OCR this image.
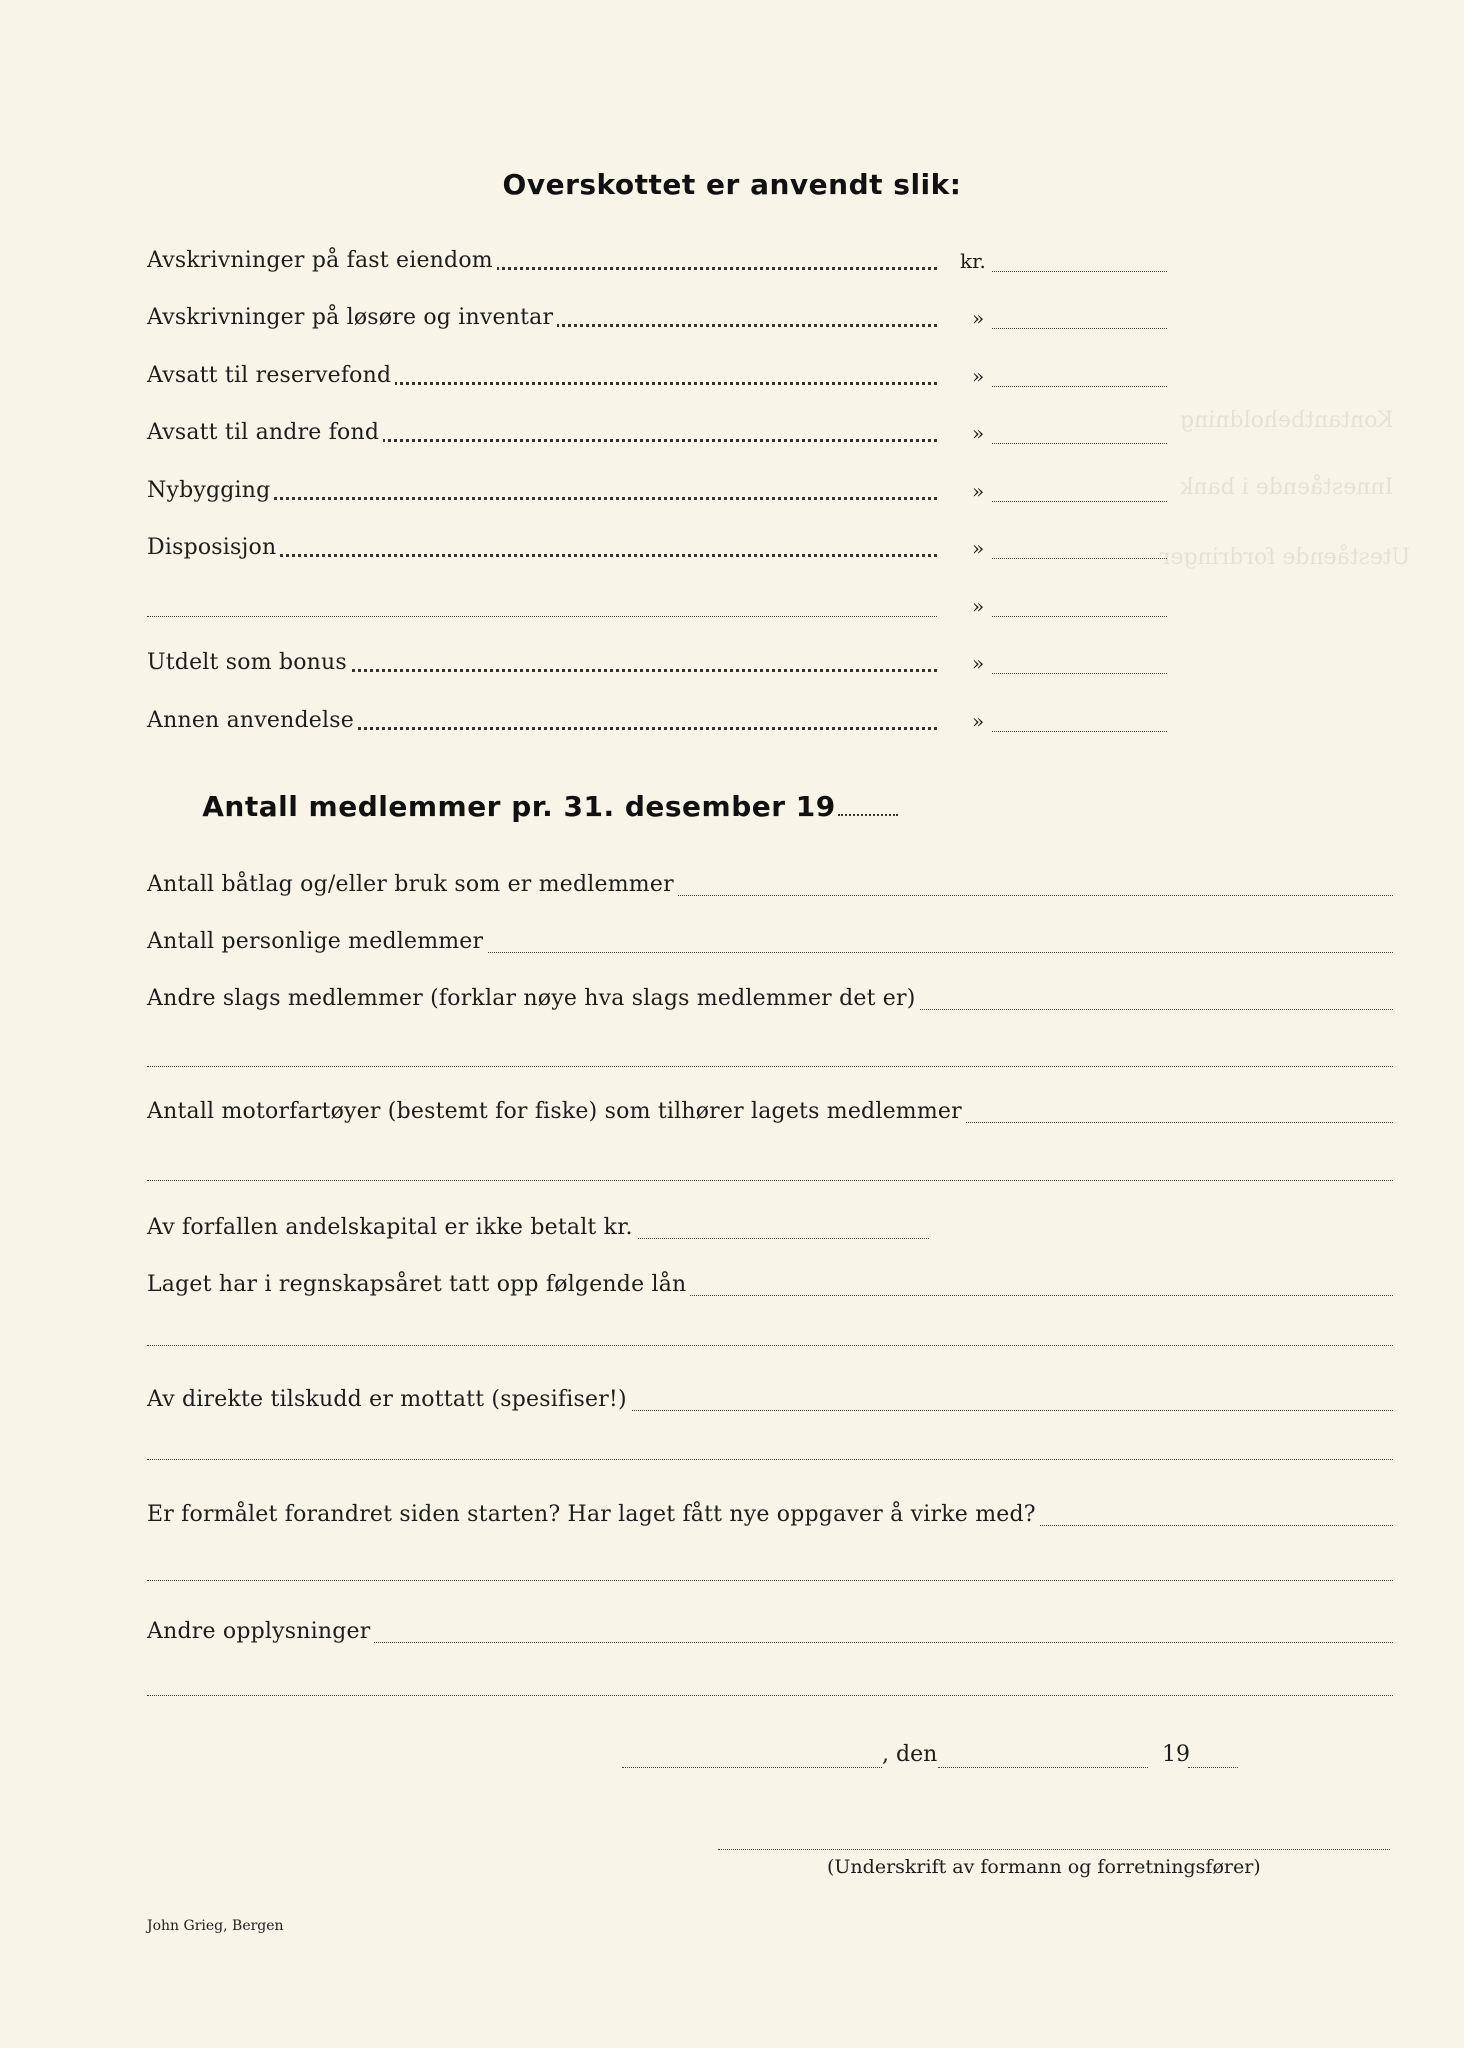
Kontantbeholdning
Innestående i bank
Utestående fordringer
Overskottet er anvendt slik:
Avskrivninger på fast eiendom	kr.
Avskrivninger på løsøre og inventar	»
Avsatt til reservefond	»
Avsatt til andre fond	»
Nybygging	»
Disposisjon	»
»
Utdelt som bonus	»
Annen anvendelse	»
Antall medlemmer pr. 31. desember 19
Antall båtlag og/eller bruk som er medlemmer
Antall personlige medlemmer
Andre slags medlemmer (forklar nøye hva slags medlemmer det er)
Antall motorfartøyer (bestemt for fiske) som tilhører lagets medlemmer
Av forfallen andelskapital er ikke betalt kr.
Laget har i regnskapsåret tatt opp følgende lån
Av direkte tilskudd er mottatt (spesifiser!)
Er formålet forandret siden starten? Har laget fått nye oppgaver å virke med?
Andre opplysninger
, den	19
(Underskrift av formann og forretningsfører)
John Grieg, Bergen
